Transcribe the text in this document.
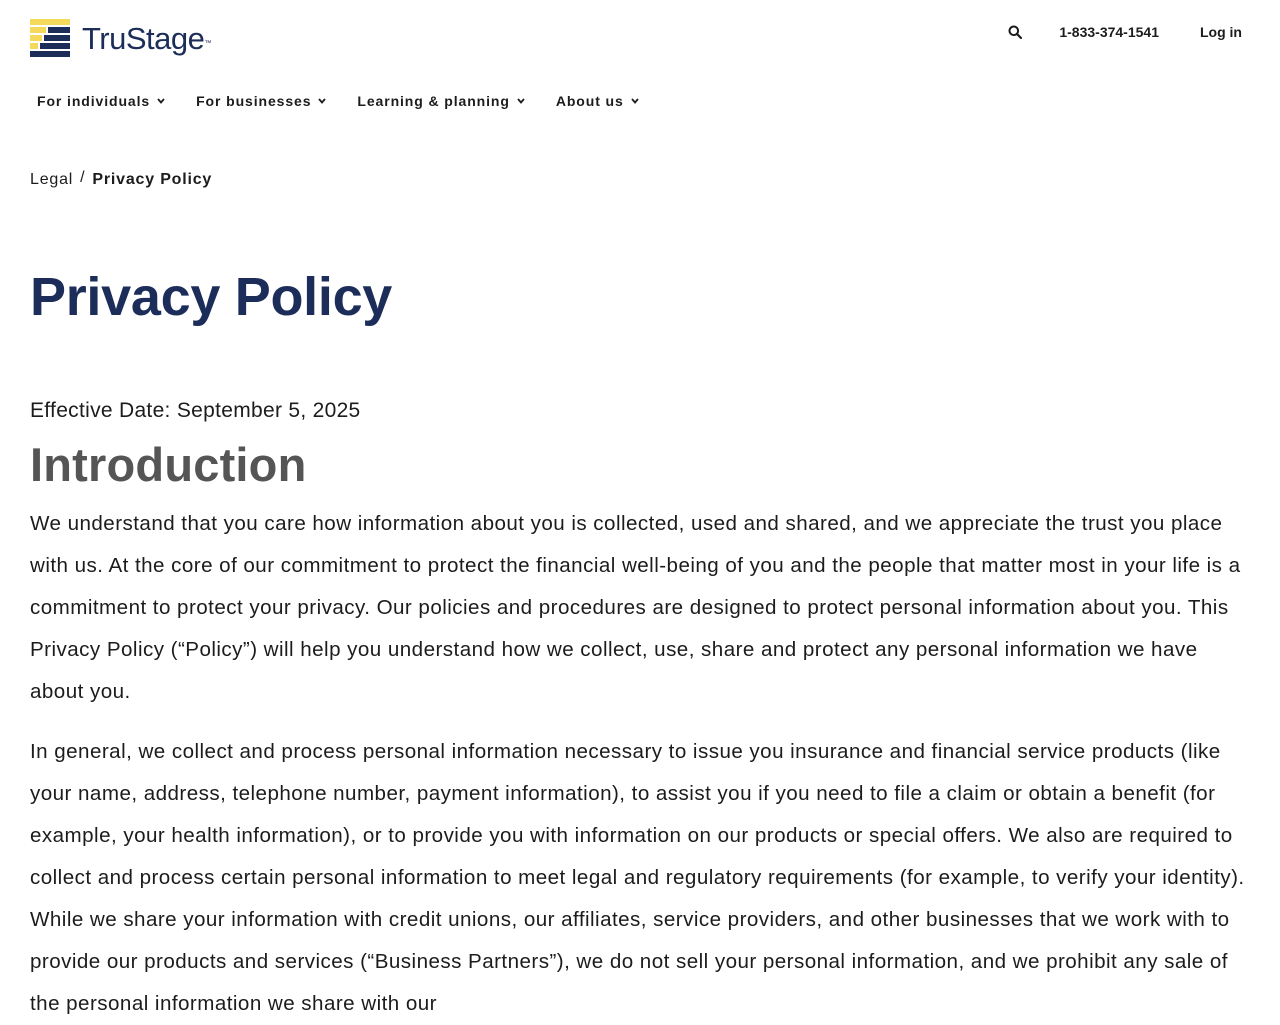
TruStage ™
1-833-374-1541	Log in
For individuals	For businesses	Learning & planning	About us
Legal / Privacy Policy
Privacy Policy

Effective Date: September 5, 2025

Introduction

We understand that you care how information about you is collected, used and shared, and we appreciate the trust you place with us. At the core of our commitment to protect the financial well-being of you and the people that matter most in your life is a commitment to protect your privacy. Our policies and procedures are designed to protect personal information about you. This Privacy Policy (“Policy”) will help you understand how we collect, use, share and protect any personal information we have about you.

In general, we collect and process personal information necessary to issue you insurance and financial service products (like your name, address, telephone number, payment information), to assist you if you need to file a claim or obtain a benefit (for example, your health information), or to provide you with information on our products or special offers. We also are required to collect and process certain personal information to meet legal and regulatory requirements (for example, to verify your identity). While we share your information with credit unions, our affiliates, service providers, and other businesses that we work with to provide our products and services (“Business Partners”), we do not sell your personal information, and we prohibit any sale of the personal information we share with our
